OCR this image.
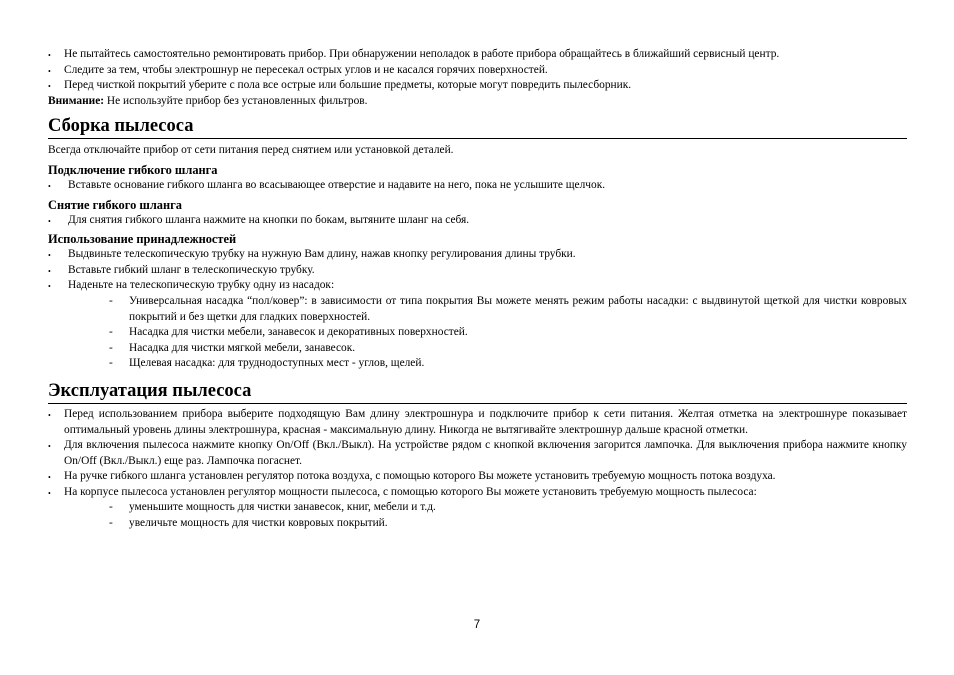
• Не пытайтесь самостоятельно ремонтировать прибор. При обнаружении неполадок в работе прибора обращайтесь в ближайший сервисный центр.
• Следите за тем, чтобы электрошнур не пересекал острых углов и не касался горячих поверхностей.
• Перед чисткой покрытий уберите с пола все острые или большие предметы, которые могут повредить пылесборник.
Внимание: Не используйте прибор без установленных фильтров.
Сборка пылесоса
Всегда отключайте прибор от сети питания перед снятием или установкой деталей.
Подключение гибкого шланга
• Вставьте основание гибкого шланга во всасывающее отверстие и надавите на него, пока не услышите щелчок.
Снятие гибкого шланга
• Для снятия гибкого шланга нажмите на кнопки по бокам, вытяните шланг на себя.
Использование принадлежностей
• Выдвиньте телескопическую трубку на нужную Вам длину, нажав кнопку регулирования длины трубки.
• Вставьте гибкий шланг в телескопическую трубку.
• Наденьте на телескопическую трубку одну из насадок:
- Универсальная насадка “пол/ковер”: в зависимости от типа покрытия Вы можете менять режим работы насадки: с выдвинутой щеткой для чистки ковровых покрытий и без щетки для гладких поверхностей.
- Насадка для чистки мебели, занавесок и декоративных поверхностей.
- Насадка для чистки мягкой мебели, занавесок.
- Щелевая насадка: для труднодоступных мест - углов, щелей.
Эксплуатация пылесоса
• Перед использованием прибора выберите подходящую Вам длину электрошнура и подключите прибор к сети питания. Желтая отметка на электрошнуре показывает оптимальный уровень длины электрошнура, красная - максимальную длину. Никогда не вытягивайте электрошнур дальше красной отметки.
• Для включения пылесоса нажмите кнопку On/Off (Вкл./Выкл). На устройстве рядом с кнопкой включения загорится лампочка. Для выключения прибора нажмите кнопку On/Off (Вкл./Выкл.) еще раз. Лампочка погаснет.
• На ручке гибкого шланга установлен регулятор потока воздуха, с помощью которого Вы можете установить требуемую мощность потока воздуха.
• На корпусе пылесоса установлен регулятор мощности пылесоса, с помощью которого Вы можете установить требуемую мощность пылесоса:
- уменьшите мощность для чистки занавесок, книг, мебели и т.д.
- увеличьте мощность для чистки ковровых покрытий.
7
